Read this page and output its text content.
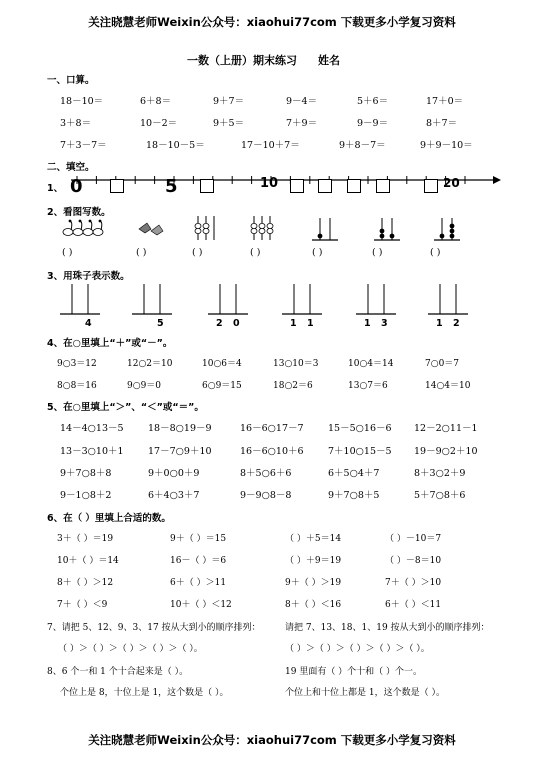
关注晓慧老师Weixin公众号：xiaohui77com 下载更多小学复习资料
一数（上册）期末练习 姓名
一、口算。
18－10＝	6＋8＝	9＋7＝	9－4＝	5＋6＝	17＋0＝
3＋8＝	10－2＝	9＋5＝	7＋9＝	9－9＝	8＋7＝
7＋3－7＝	18－10－5＝	17－10＋7＝	9＋8－7＝	9＋9－10＝
二、填空。
1、 0	5	10	20
2、看图写数。
( )	( )	( )	( )	( )	( )	( )
3、用珠子表示数。
4	5	2 0	1 1	1 3	1 2
4、在○里填上“＋”或“－”。
9○3＝12	12○2＝10	10○6＝4	13○10＝3	10○4＝14	7○0＝7
8○8＝16	9○9＝0	6○9＝15	18○2＝6	13○7＝6	14○4＝10
5、在○里填上“＞”、“＜”或“＝”。
14－4○13－5	18－8○19－9	16－6○17－7	15－5○16－6 12－2○11－1
13－3○10＋1	17－7○9＋10	16－6○10＋6	7＋10○15－5 19－9○2＋10
9＋7○8＋8	9＋0○0＋9	8＋5○6＋6	6＋5○4＋7	8＋3○2＋9
9－1○8＋2	6＋4○3＋7	9－9○8－8	9＋7○8＋5	5＋7○8＋6
6、在（ ）里填上合适的数。
3＋（ ）＝19	9＋（ ）＝15	（ ）＋5＝14	（ ）－10＝7
10＋（ ）＝14	16－（ ）＝6	（ ）＋9＝19	（ ）－8＝10
8＋（ ）＞12	6＋（ ）＞11	9＋（ ）＞19	7＋（ ）＞10
7＋（ ）＜9	10＋（ ）＜12	8＋（ ）＜16	6＋（ ）＜11
7、请把 5、12、9、3、17 按从大到小的顺序排列：	请把 7、13、18、1、19 按从大到小的顺序排列：
（ ）＞（ ）＞（ ）＞（ ）＞（ ）。	（ ）＞（ ）＞（ ）＞（ ）＞（ ）。
8、6 个一和 1 个十合起来是（ ）。	19 里面有（ ）个十和（ ）个一。
个位上是 8，十位上是 1，这个数是（ ）。	个位上和十位上都是 1，这个数是（ ）。
关注晓慧老师Weixin公众号：xiaohui77com 下载更多小学复习资料
